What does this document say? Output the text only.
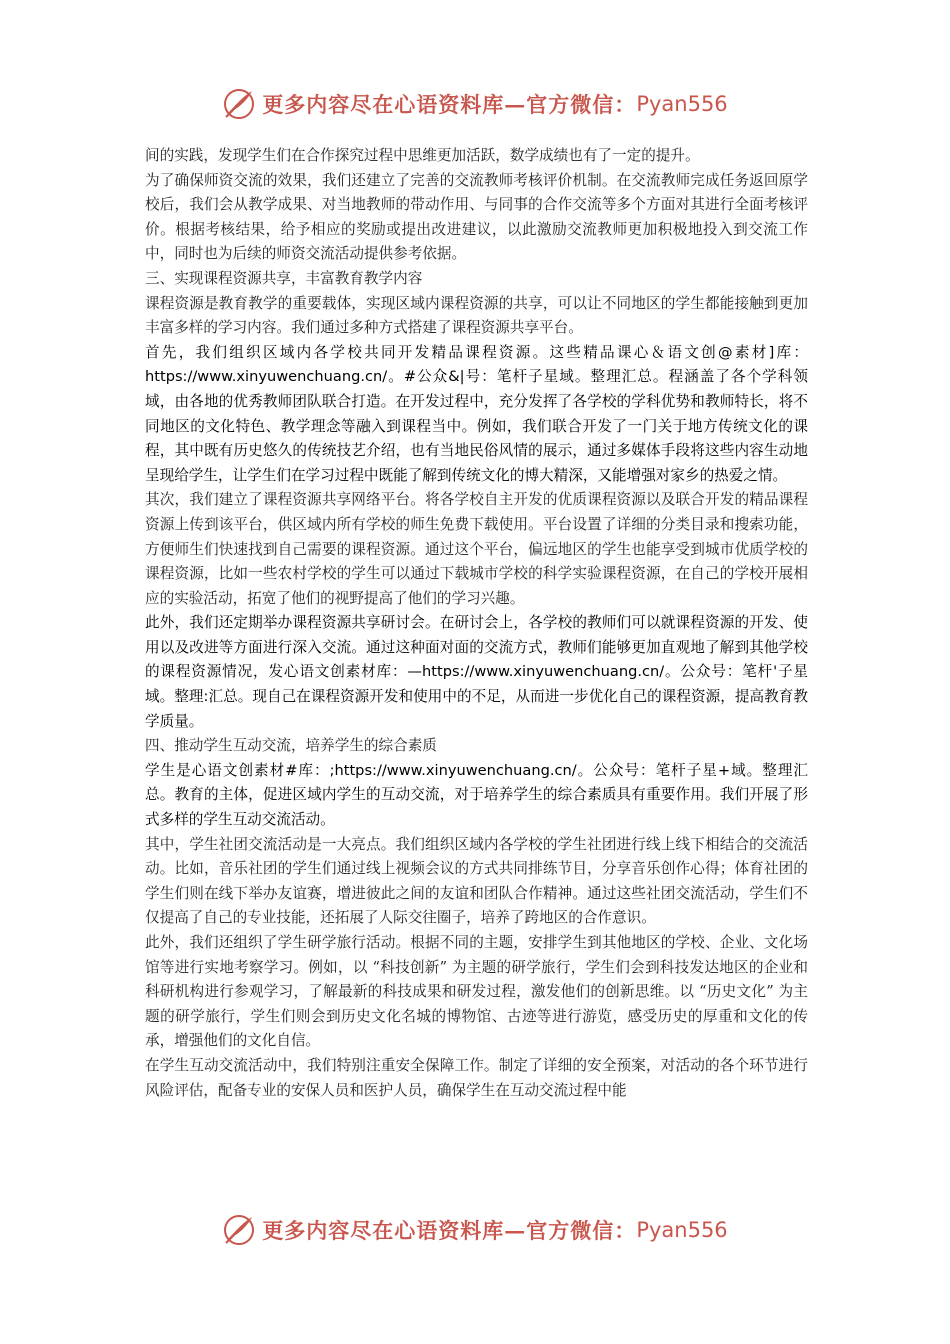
更多内容尽在心语资料库—官方微信： Pyan556

间的实践，发现学生们在合作探究过程中思维更加活跃，数学成绩也有了一定的提升。

为了确保师资交流的效果，我们还建立了完善的交流教师考核评价机制。在交流教师完成任务返回原学校后，我们会从教学成果、对当地教师的带动作用、与同事的合作交流等多个方面对其进行全面考核评价。根据考核结果，给予相应的奖励或提出改进建议，以此激励交流教师更加积极地投入到交流工作中，同时也为后续的师资交流活动提供参考依据。

三、实现课程资源共享，丰富教育教学内容

课程资源是教育教学的重要载体，实现区域内课程资源的共享，可以让不同地区的学生都能接触到更加丰富多样的学习内容。我们通过多种方式搭建了课程资源共享平台。

首先，我们组织区域内各学校共同开发精品课程资源。这些精品课心＆语文创@素材]库：https://www.xinyuwenchuang.cn/。#公众&|号：笔杆子星域。整理汇总。程涵盖了各个学科领域，由各地的优秀教师团队联合打造。在开发过程中，充分发挥了各学校的学科优势和教师特长，将不同地区的文化特色、教学理念等融入到课程当中。例如，我们联合开发了一门关于地方传统文化的课程，其中既有历史悠久的传统技艺介绍，也有当地民俗风情的展示，通过多媒体手段将这些内容生动地呈现给学生，让学生们在学习过程中既能了解到传统文化的博大精深，又能增强对家乡的热爱之情。

其次，我们建立了课程资源共享网络平台。将各学校自主开发的优质课程资源以及联合开发的精品课程资源上传到该平台，供区域内所有学校的师生免费下载使用。平台设置了详细的分类目录和搜索功能，方便师生们快速找到自己需要的课程资源。通过这个平台，偏远地区的学生也能享受到城市优质学校的课程资源，比如一些农村学校的学生可以通过下载城市学校的科学实验课程资源，在自己的学校开展相应的实验活动，拓宽了他们的视野提高了他们的学习兴趣。

此外，我们还定期举办课程资源共享研讨会。在研讨会上，各学校的教师们可以就课程资源的开发、使用以及改进等方面进行深入交流。通过这种面对面的交流方式，教师们能够更加直观地了解到其他学校的课程资源情况，发心语文创素材库：—https://www.xinyuwenchuang.cn/。公众号：笔杆'子星域。整理:汇总。现自己在课程资源开发和使用中的不足，从而进一步优化自己的课程资源，提高教育教学质量。

四、推动学生互动交流，培养学生的综合素质

学生是心语文创素材#库：;https://www.xinyuwenchuang.cn/。公众号：笔杆子星+域。整理汇总。教育的主体，促进区域内学生的互动交流，对于培养学生的综合素质具有重要作用。我们开展了形式多样的学生互动交流活动。

其中，学生社团交流活动是一大亮点。我们组织区域内各学校的学生社团进行线上线下相结合的交流活动。比如，音乐社团的学生们通过线上视频会议的方式共同排练节目，分享音乐创作心得；体育社团的学生们则在线下举办友谊赛，增进彼此之间的友谊和团队合作精神。通过这些社团交流活动，学生们不仅提高了自己的专业技能，还拓展了人际交往圈子，培养了跨地区的合作意识。

此外，我们还组织了学生研学旅行活动。根据不同的主题，安排学生到其他地区的学校、企业、文化场馆等进行实地考察学习。例如，以 “科技创新” 为主题的研学旅行，学生们会到科技发达地区的企业和科研机构进行参观学习，了解最新的科技成果和研发过程，激发他们的创新思维。以 “历史文化” 为主题的研学旅行，学生们则会到历史文化名城的博物馆、古迹等进行游览，感受历史的厚重和文化的传承，增强他们的文化自信。

在学生互动交流活动中，我们特别注重安全保障工作。制定了详细的安全预案，对活动的各个环节进行风险评估，配备专业的安保人员和医护人员，确保学生在互动交流过程中能

更多内容尽在心语资料库—官方微信： Pyan556
